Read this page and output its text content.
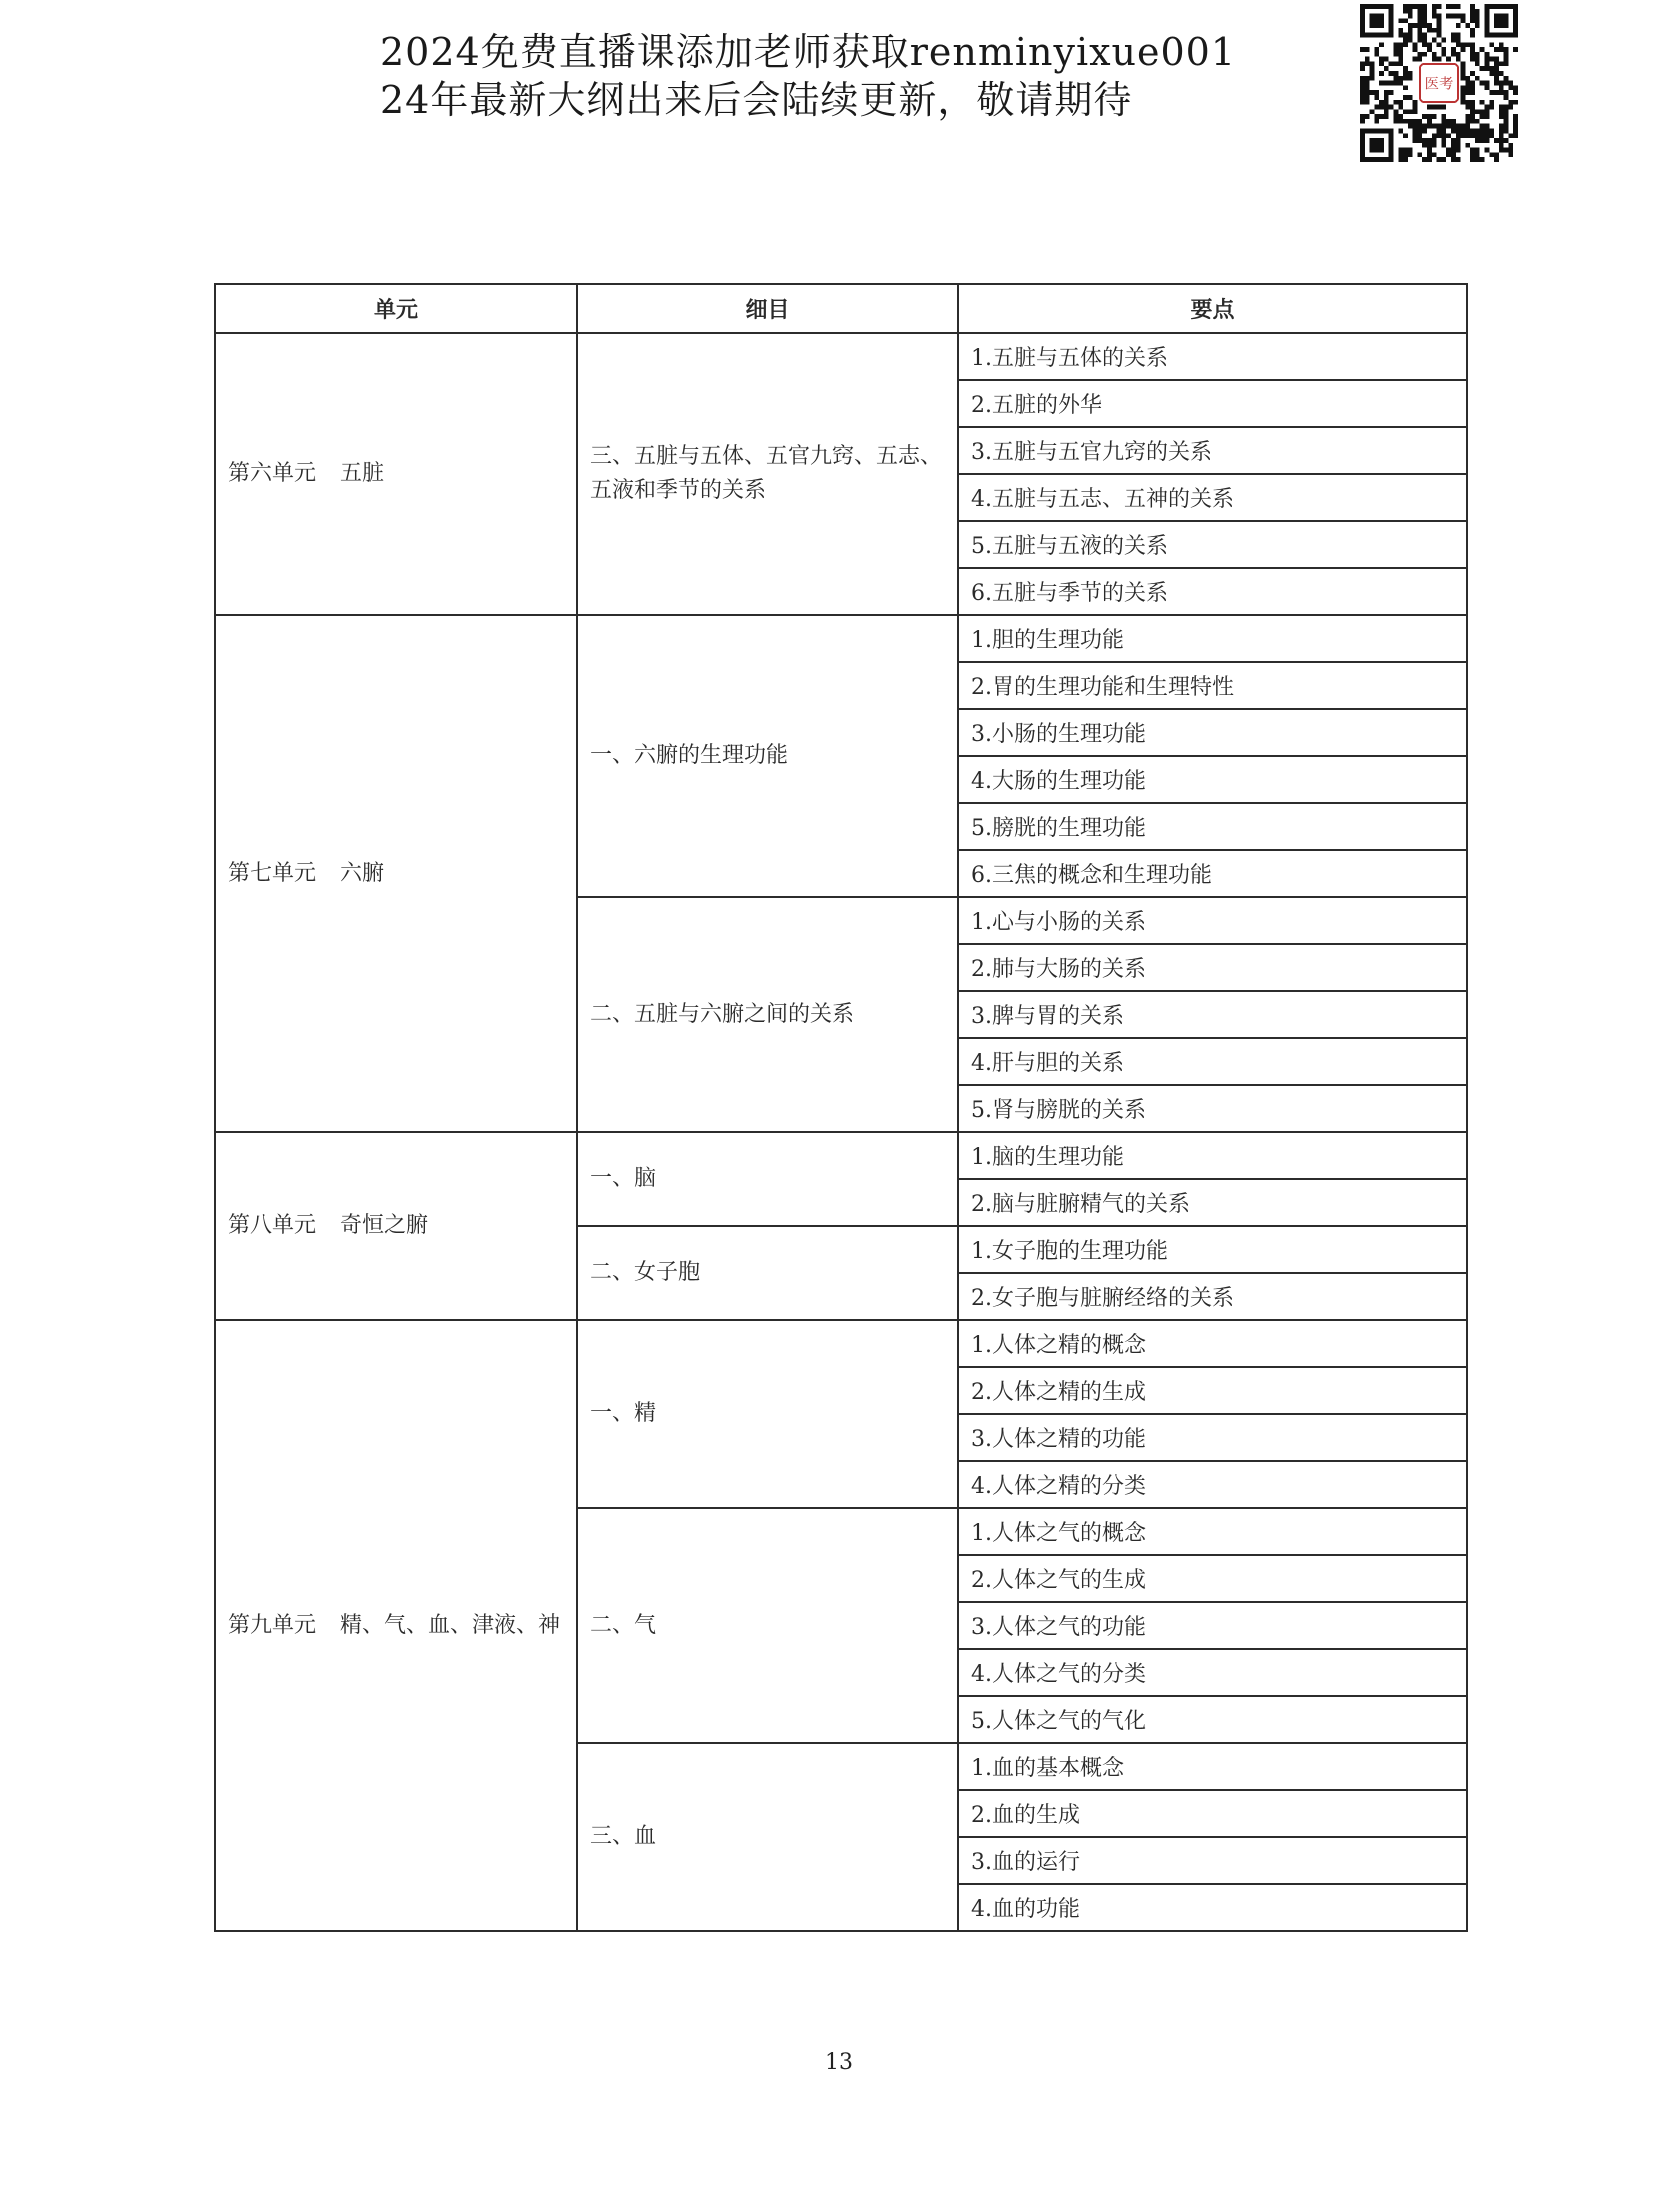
2024免费直播课添加老师获取renminyixue001
24年最新大纲出来后会陆续更新，敬请期待	医考
单元	细目	要点
第六单元 五脏	三、五脏与五体、五官九窍、五志、五液和季节的关系	1.五脏与五体的关系
		2.五脏的外华
		3.五脏与五官九窍的关系
		4.五脏与五志、五神的关系
		5.五脏与五液的关系
		6.五脏与季节的关系
第七单元 六腑	一、六腑的生理功能	1.胆的生理功能
		2.胃的生理功能和生理特性
		3.小肠的生理功能
		4.大肠的生理功能
		5.膀胱的生理功能
		6.三焦的概念和生理功能
	二、五脏与六腑之间的关系	1.心与小肠的关系
		2.肺与大肠的关系
		3.脾与胃的关系
		4.肝与胆的关系
		5.肾与膀胱的关系
第八单元 奇恒之腑	一、脑	1.脑的生理功能
		2.脑与脏腑精气的关系
	二、女子胞	1.女子胞的生理功能
		2.女子胞与脏腑经络的关系
第九单元 精、气、血、津液、神	一、精	1.人体之精的概念
		2.人体之精的生成
		3.人体之精的功能
		4.人体之精的分类
	二、气	1.人体之气的概念
		2.人体之气的生成
		3.人体之气的功能
		4.人体之气的分类
		5.人体之气的气化
	三、血	1.血的基本概念
		2.血的生成
		3.血的运行
		4.血的功能
13
